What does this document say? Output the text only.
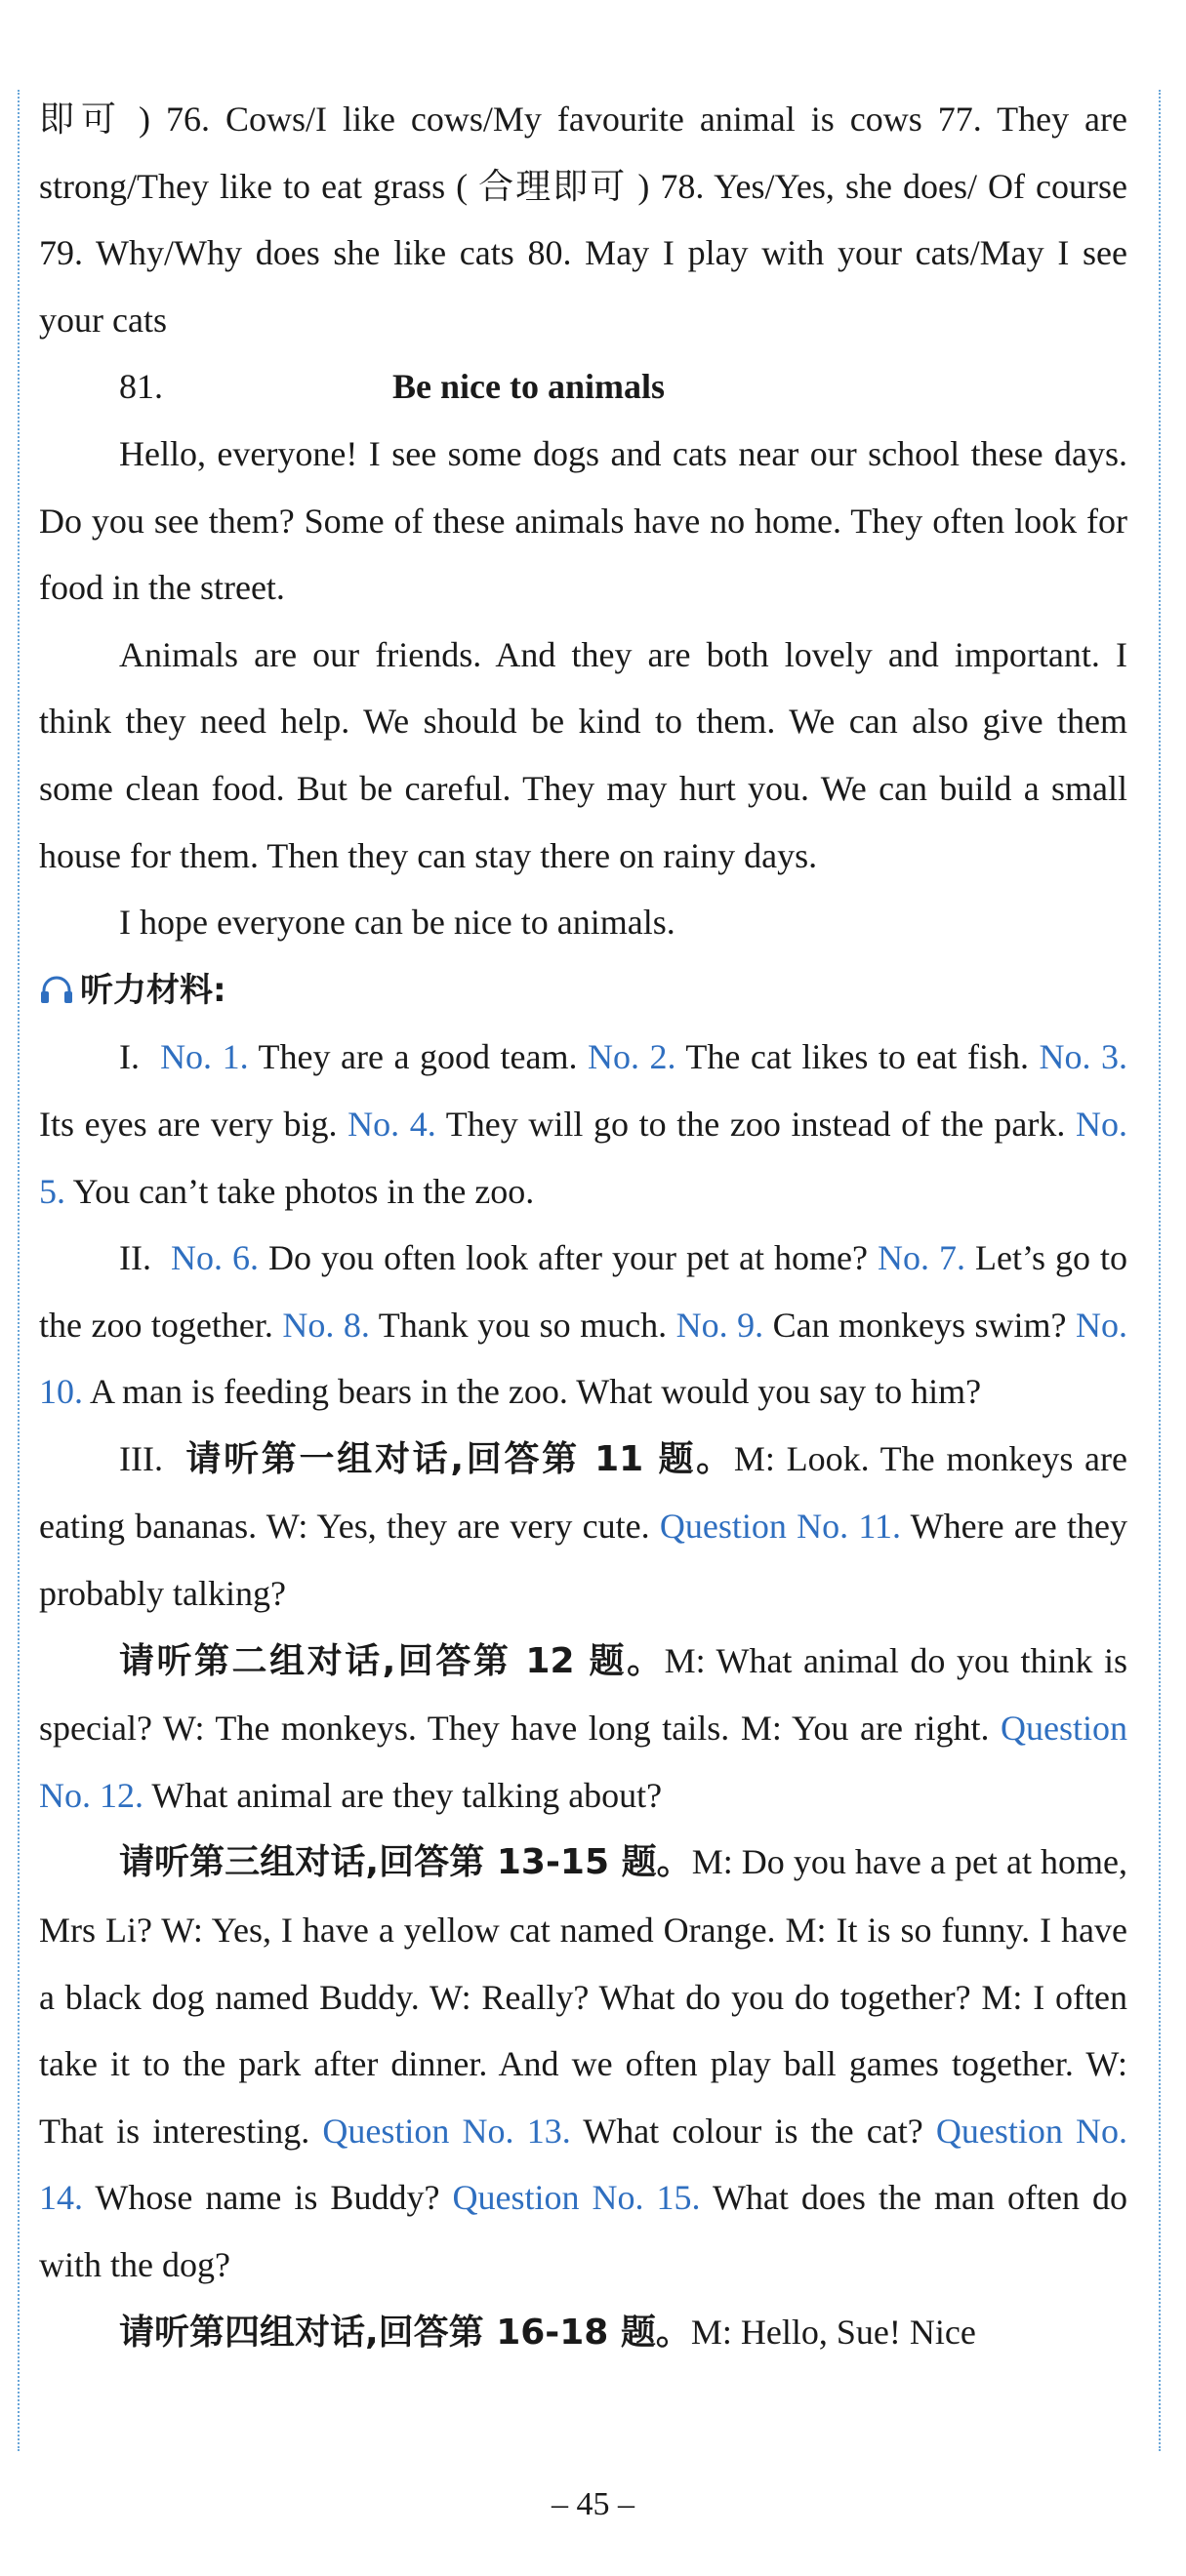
即可 ) 76. Cows/I like cows/My favourite animal is cows 77. They are strong/They like to eat grass ( 合理即可 ) 78. Yes/Yes, she does/ Of course 79. Why/Why does she like cats 80. May I play with your cats/May I see your cats

81.	Be nice to animals

Hello, everyone! I see some dogs and cats near our school these days. Do you see them? Some of these animals have no home. They often look for food in the street.

Animals are our friends. And they are both lovely and important. I think they need help. We should be kind to them. We can also give them some clean food. But be careful. They may hurt you. We can build a small house for them. Then they can stay there on rainy days.

I hope everyone can be nice to animals.

听力材料:

I. No. 1. They are a good team. No. 2. The cat likes to eat fish. No. 3. Its eyes are very big. No. 4. They will go to the zoo instead of the park. No. 5. You can’t take photos in the zoo.

II. No. 6. Do you often look after your pet at home? No. 7. Let’s go to the zoo together. No. 8. Thank you so much. No. 9. Can monkeys swim? No. 10. A man is feeding bears in the zoo. What would you say to him?

III. 请听第一组对话,回答第 11 题。M: Look. The monkeys are eating bananas. W: Yes, they are very cute. Question No. 11. Where are they probably talking?

请听第二组对话,回答第 12 题。M: What animal do you think is special? W: The monkeys. They have long tails. M: You are right. Question No. 12. What animal are they talking about?

请听第三组对话,回答第 13-15 题。M: Do you have a pet at home, Mrs Li? W: Yes, I have a yellow cat named Orange. M: It is so funny. I have a black dog named Buddy. W: Really? What do you do together? M: I often take it to the park after dinner. And we often play ball games together. W: That is interesting. Question No. 13. What colour is the cat? Question No. 14. Whose name is Buddy? Question No. 15. What does the man often do with the dog?

请听第四组对话,回答第 16-18 题。M: Hello, Sue! Nice

– 45 –
